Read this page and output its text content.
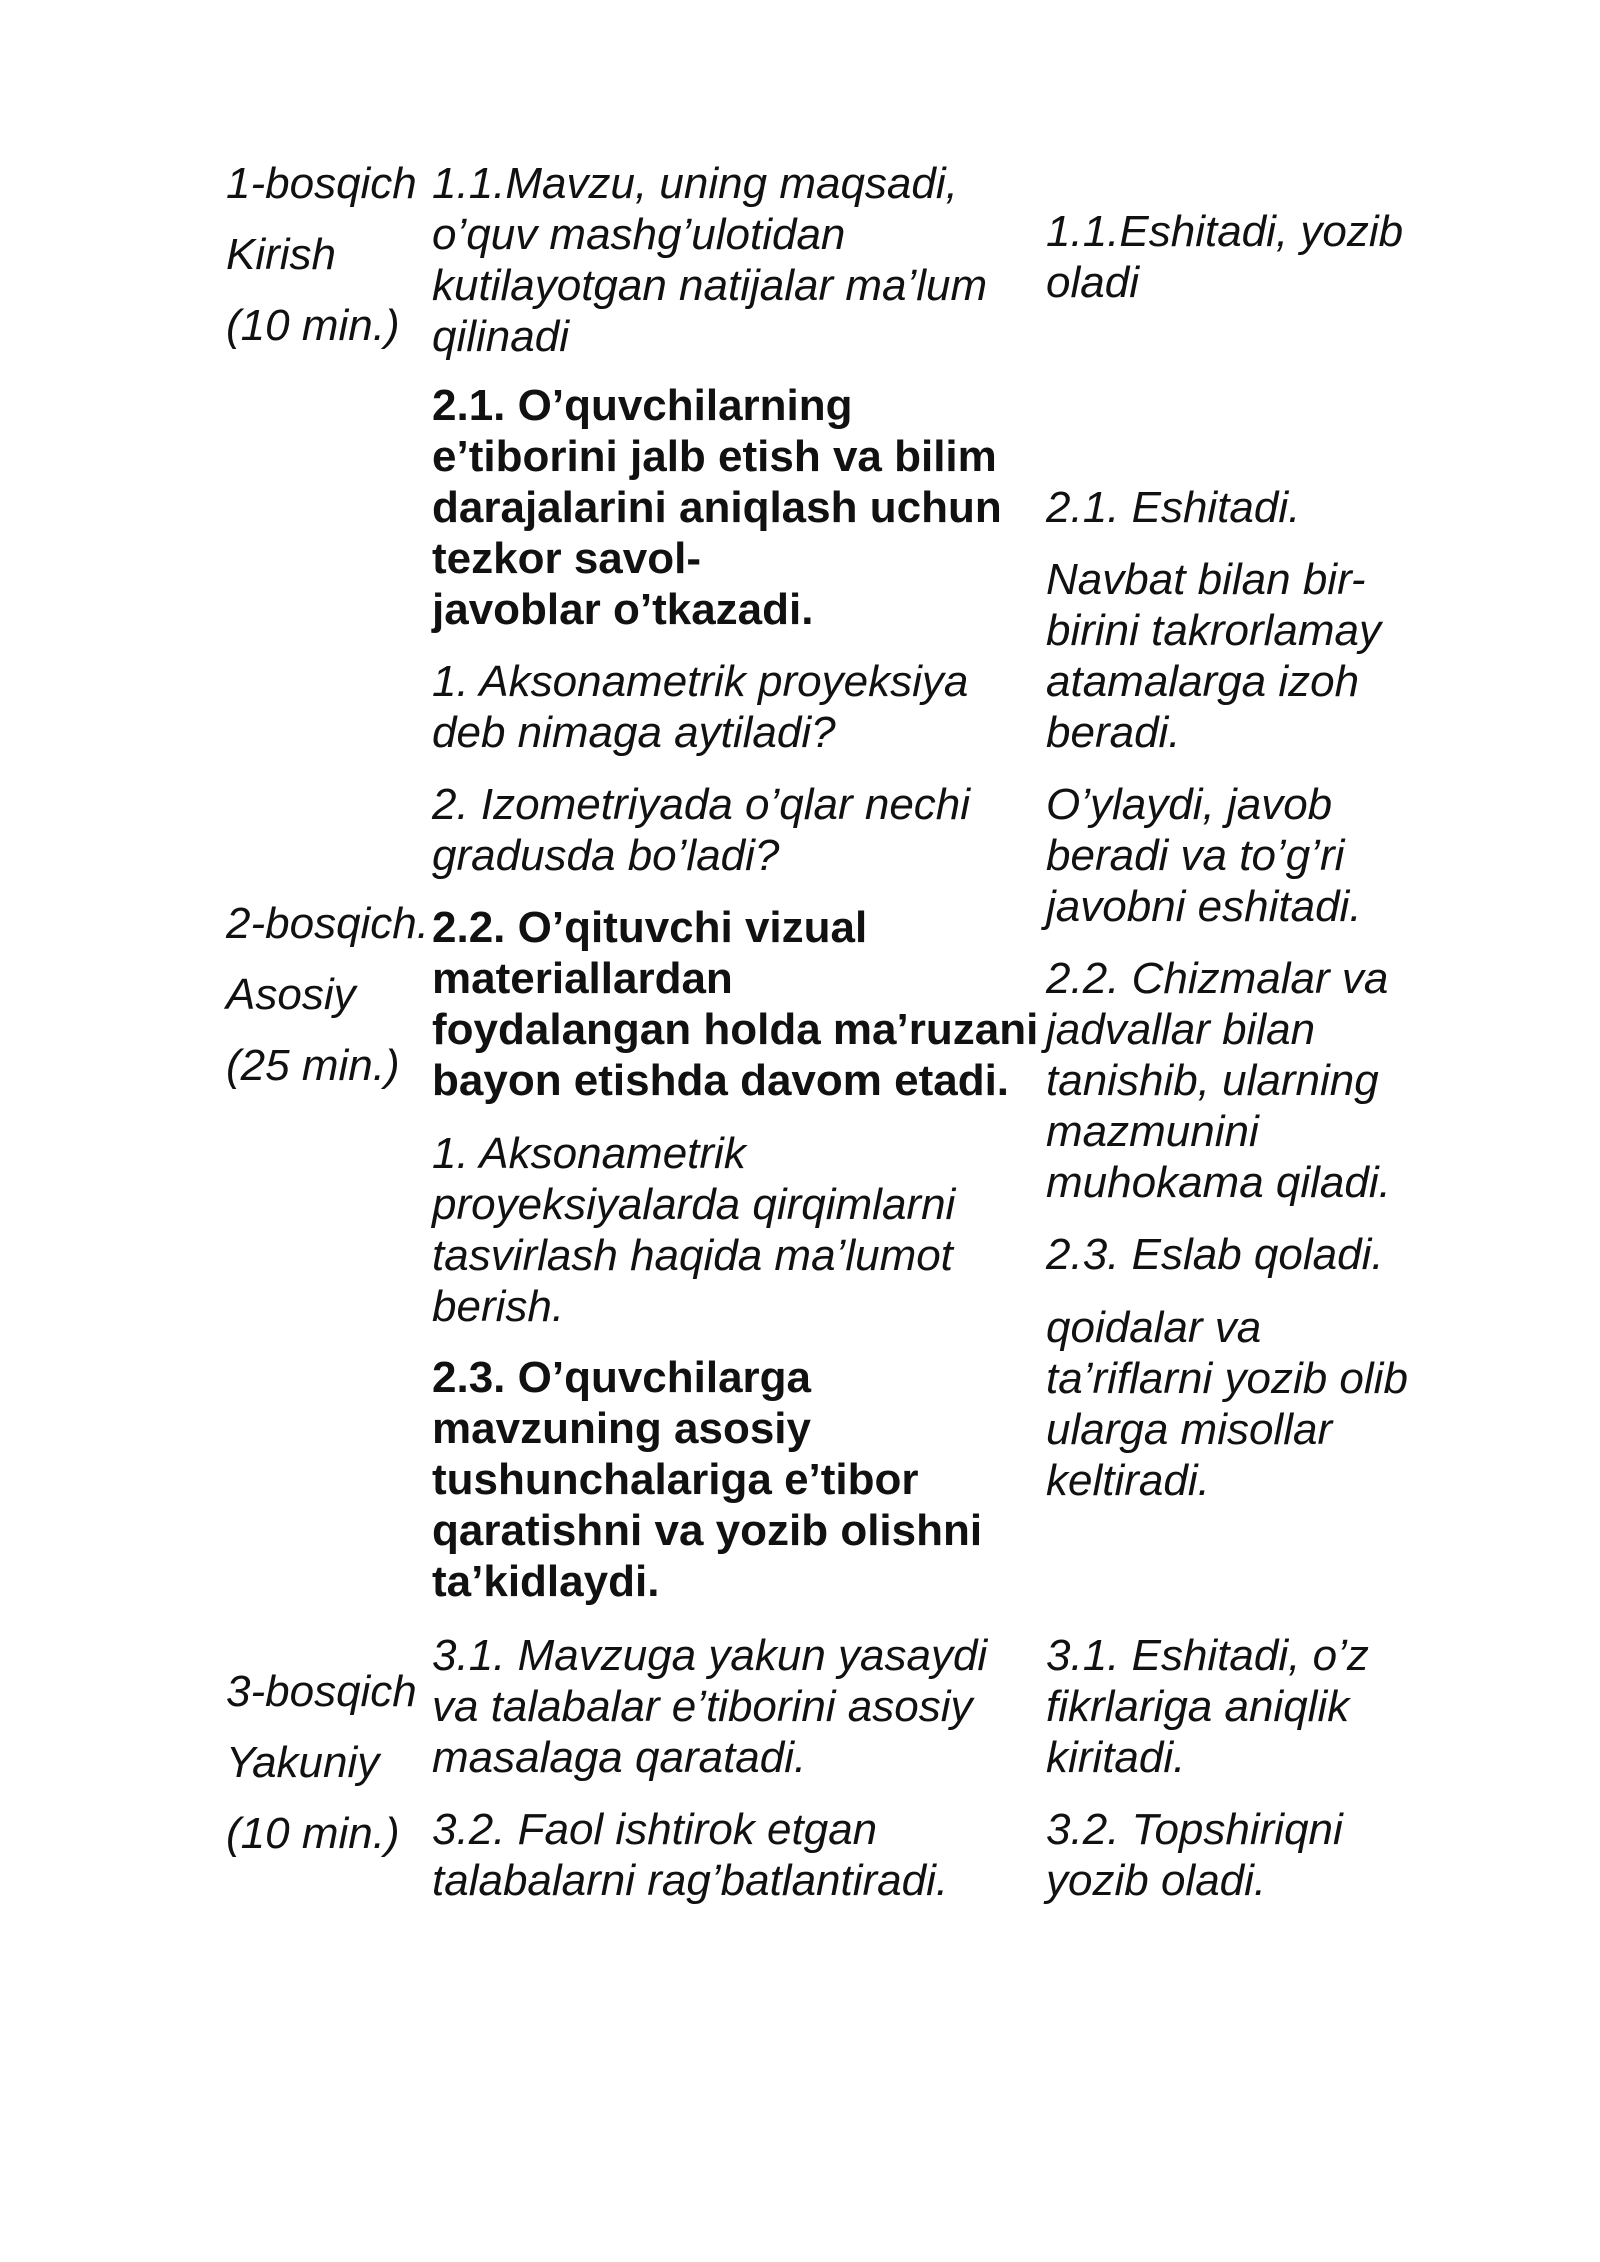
1-bosqich

Kirish

(10 min.)

2-bosqich.

Asosiy

(25 min.)

3-bosqich

Yakuniy

(10 min.)

1.1.Mavzu, uning maqsadi,
o’quv mashg’ulotidan
kutilayotgan natijalar ma’lum
qilinadi

2.1. O’quvchilarning
e’tiborini jalb etish va bilim
darajalarini aniqlash uchun
tezkor savol-
javoblar o’tkazadi.

1. Aksonametrik proyeksiya
deb nimaga aytiladi?

2. Izometriyada o’qlar nechi
gradusda bo’ladi?

2.2. O’qituvchi vizual
materiallardan
foydalangan holda ma’ruzani
bayon etishda davom etadi.

1. Aksonametrik
proyeksiyalarda qirqimlarni
tasvirlash haqida ma’lumot
berish.

2.3. O’quvchilarga
mavzuning asosiy
tushunchalariga e’tibor
qaratishni va yozib olishni
ta’kidlaydi.

3.1. Mavzuga yakun yasaydi
va talabalar e’tiborini asosiy
masalaga qaratadi.

3.2. Faol ishtirok etgan
talabalarni rag’batlantiradi.

1.1.Eshitadi, yozib
oladi

2.1. Eshitadi.

Navbat bilan bir-
birini takrorlamay
atamalarga izoh
beradi.

O’ylaydi, javob
beradi va to’g’ri
javobni eshitadi.

2.2. Chizmalar va
jadvallar bilan
tanishib, ularning
mazmunini
muhokama qiladi.

2.3. Eslab qoladi.

qoidalar va
ta’riflarni yozib olib
ularga misollar
keltiradi.

3.1. Eshitadi, o’z
fikrlariga aniqlik
kiritadi.

3.2. Topshiriqni
yozib oladi.
